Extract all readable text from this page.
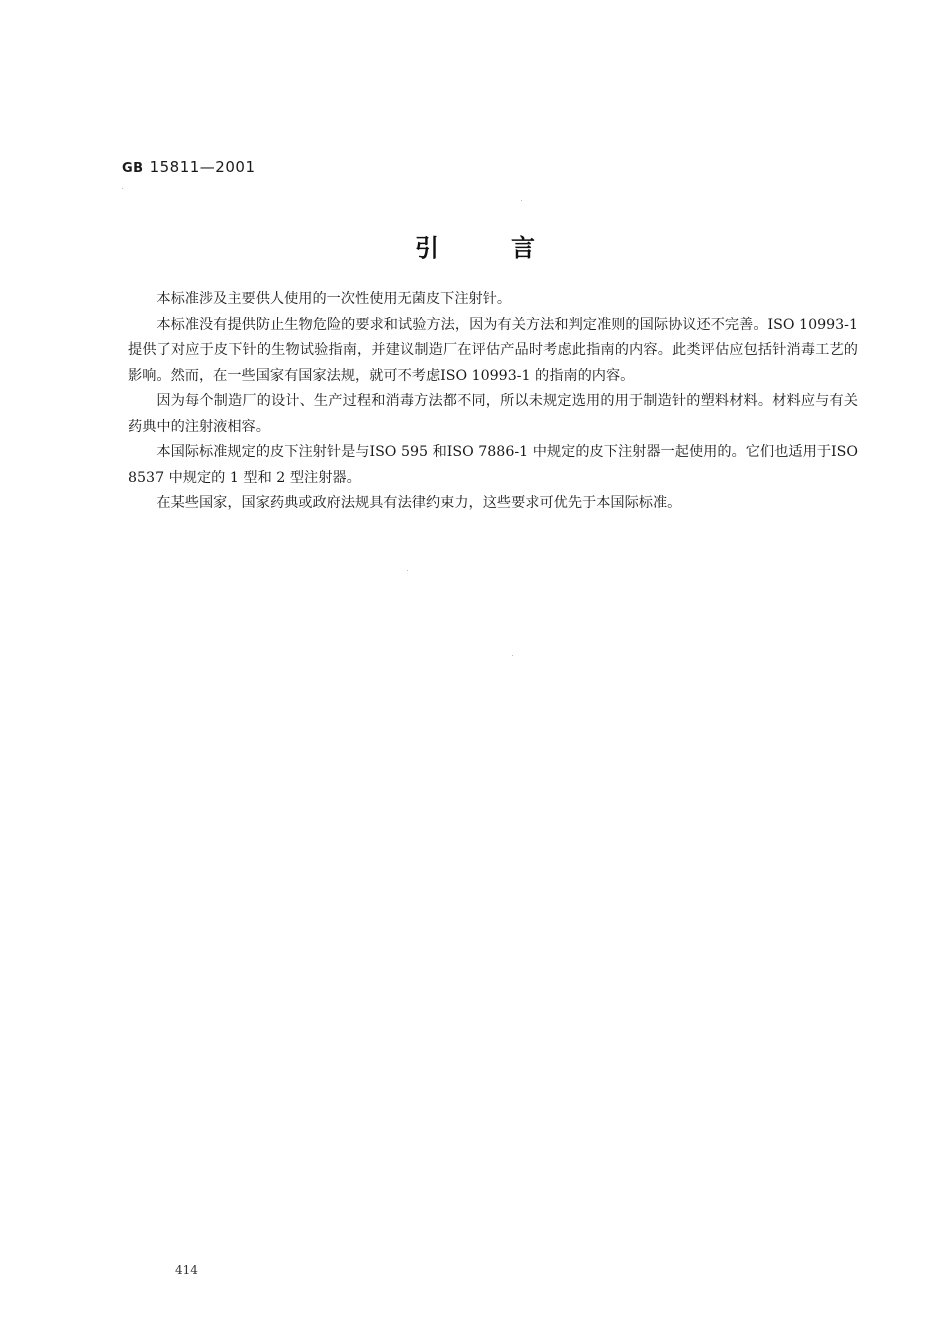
GB 15811—2001
引言

本标准涉及主要供人使用的一次性使用无菌皮下注射针。

本标准没有提供防止生物危险的要求和试验方法，因为有关方法和判定准则的国际协议还不完善。ISO 10993-1 提供了对应于皮下针的生物试验指南，并建议制造厂在评估产品时考虑此指南的内容。此类评估应包括针消毒工艺的影响。然而，在一些国家有国家法规，就可不考虑ISO 10993-1 的指南的内容。

因为每个制造厂的设计、生产过程和消毒方法都不同，所以未规定选用的用于制造针的塑料材料。材料应与有关药典中的注射液相容。

本国际标准规定的皮下注射针是与ISO 595 和ISO 7886-1 中规定的皮下注射器一起使用的。它们也适用于ISO 8537 中规定的 1 型和 2 型注射器。

在某些国家，国家药典或政府法规具有法律约束力，这些要求可优先于本国际标准。

414
